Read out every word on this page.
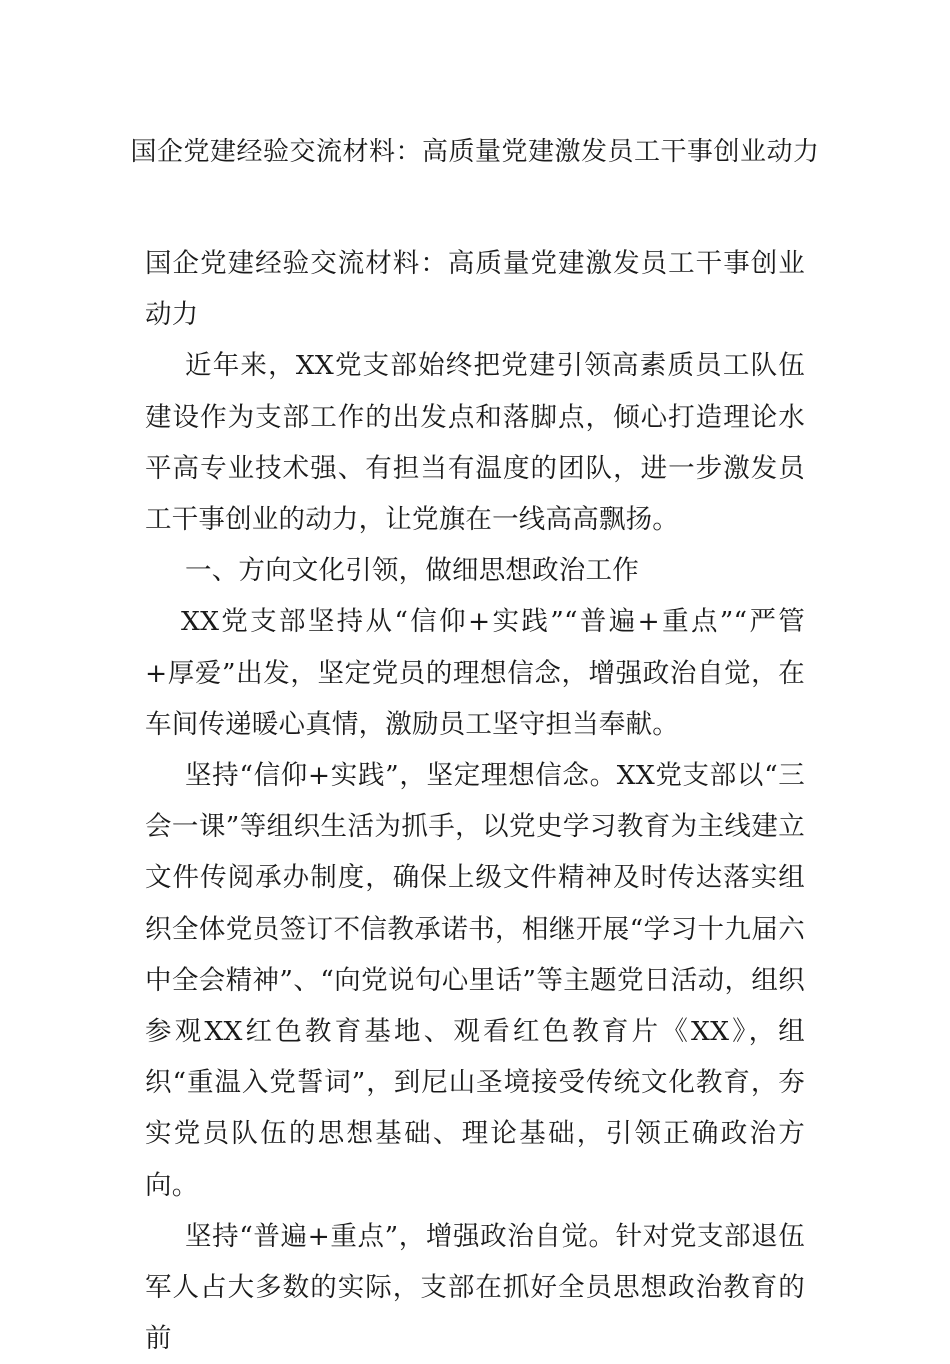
国企党建经验交流材料：高质量党建激发员工干事创业动力

国企党建经验交流材料：高质量党建激发员工干事创业动力

近年来，XX党支部始终把党建引领高素质员工队伍建设作为支部工作的出发点和落脚点，倾心打造理论水平高专业技术强、有担当有温度的团队，进一步激发员工干事创业的动力，让党旗在一线高高飘扬。

一、方向文化引领，做细思想政治工作

XX党支部坚持从“信仰+实践”“普遍+重点”“严管+厚爱”出发，坚定党员的理想信念，增强政治自觉，在车间传递暖心真情，激励员工坚守担当奉献。

坚持“信仰+实践”，坚定理想信念。XX党支部以“三会一课”等组织生活为抓手，以党史学习教育为主线建立文件传阅承办制度，确保上级文件精神及时传达落实组织全体党员签订不信教承诺书，相继开展“学习十九届六中全会精神”、“向党说句心里话”等主题党日活动，组织参观XX红色教育基地、观看红色教育片《XX》，组织“重温入党誓词”，到尼山圣境接受传统文化教育，夯实党员队伍的思想基础、理论基础，引领正确政治方向。

坚持“普遍+重点”，增强政治自觉。针对党支部退伍军人占大多数的实际，支部在抓好全员思想政治教育的前
